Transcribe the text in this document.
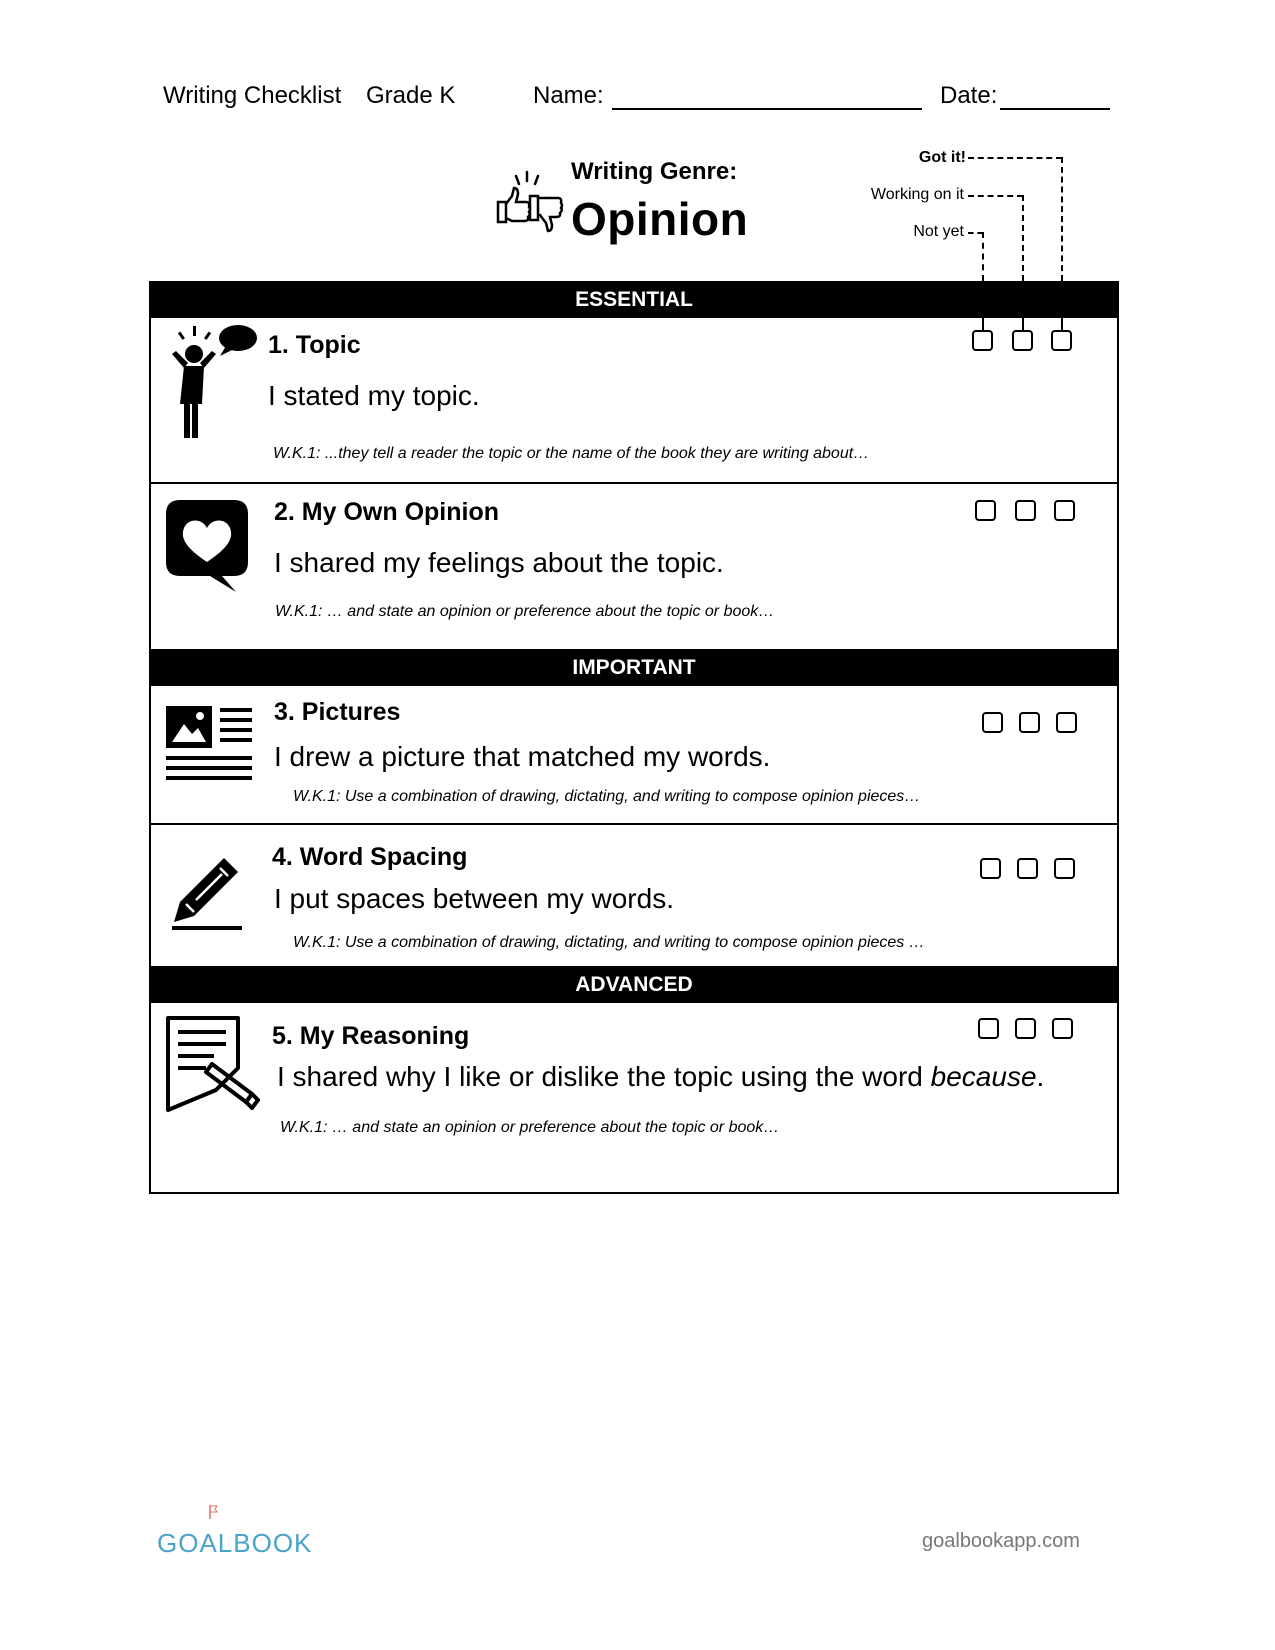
Writing Checklist Grade K	Name:	Date:
Writing Genre:
Opinion
Got it!
Working on it
Not yet
ESSENTIAL
IMPORTANT
ADVANCED
1. Topic
I stated my topic.
W.K.1: ...they tell a reader the topic or the name of the book they are writing about…
2. My Own Opinion
I shared my feelings about the topic.
W.K.1: … and state an opinion or preference about the topic or book…
3. Pictures
I drew a picture that matched my words.
W.K.1: Use a combination of drawing, dictating, and writing to compose opinion pieces…
4. Word Spacing
I put spaces between my words.
W.K.1: Use a combination of drawing, dictating, and writing to compose opinion pieces …
5. My Reasoning
I shared why I like or dislike the topic using the word because.
W.K.1: … and state an opinion or preference about the topic or book…
GOALBOOK	goalbookapp.com
